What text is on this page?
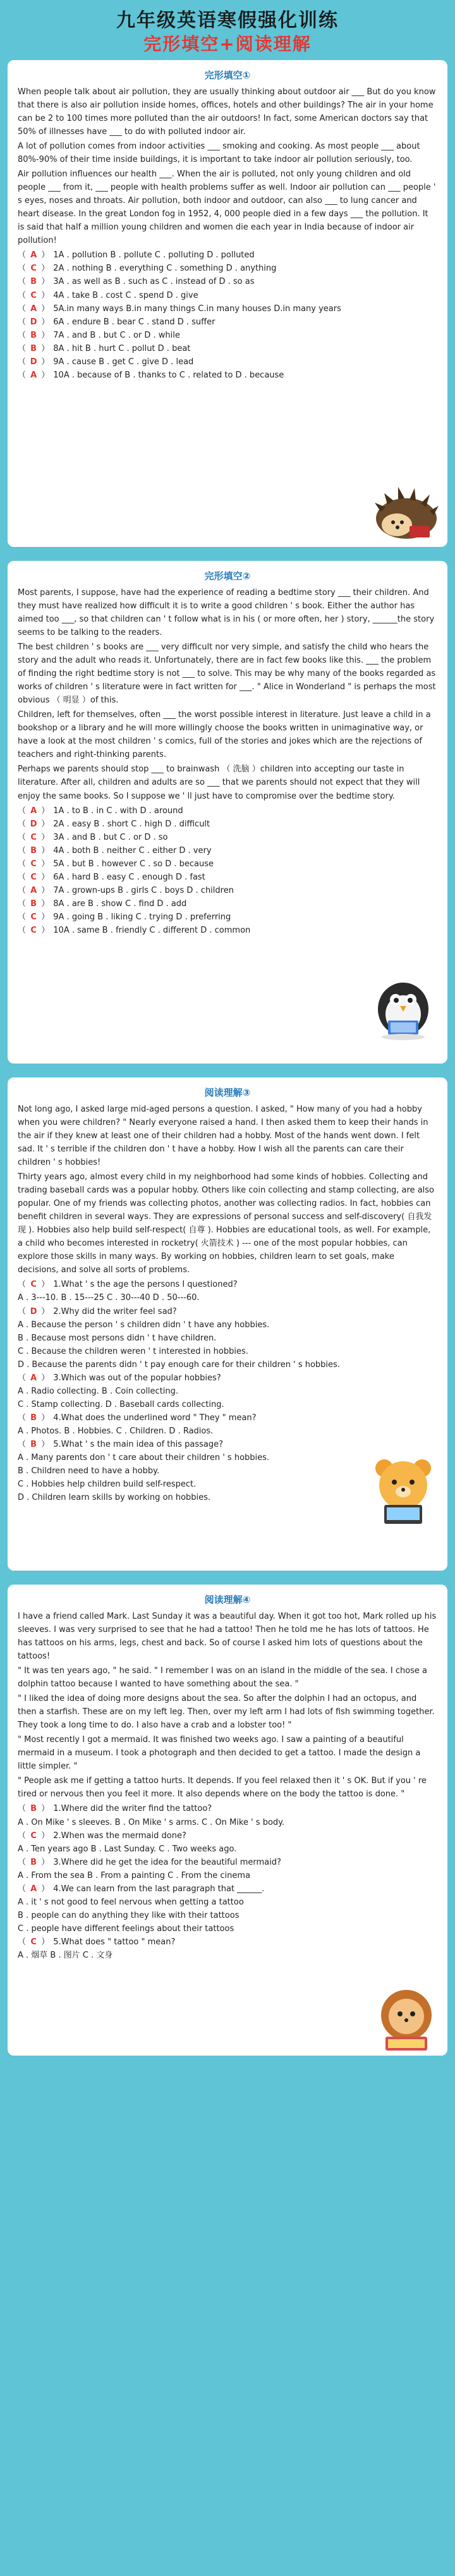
九年级英语寒假强化训练
完形填空+阅读理解
完形填空①

When people talk about air pollution, they are usually thinking about outdoor air ___ But do you know that there is also air pollution inside homes, offices, hotels and other buildings? The air in your home can be 2 to 100 times more polluted than the air outdoors! In fact, some American doctors say that 50% of illnesses have ___ to do with polluted indoor air.

A lot of pollution comes from indoor activities ___ smoking and cooking. As most people ___ about 80%-90% of their time inside buildings, it is important to take indoor air pollution seriously, too.

Air pollution influences our health ___. When the air is polluted, not only young children and old people ___ from it, ___ people with health problems suffer as well. Indoor air pollution can ___ people ' s eyes, noses and throats. Air pollution, both indoor and outdoor, can also ___ to lung cancer and heart disease. In the great London fog in 1952, 4, 000 people died in a few days ___ the pollution. It is said that half a million young children and women die each year in India because of indoor air pollution!

（ A ） 1A . pollution B . pollute C . polluting D . polluted
（ C ） 2A . nothing B . everything C . something D . anything
（ B ） 3A . as well as B . such as C . instead of D . so as
（ C ） 4A . take B . cost C . spend D . give
（ A ） 5A.in many ways B.in many things C.in many houses D.in many years
（ D ） 6A . endure B . bear C . stand D . suffer
（ B ） 7A . and B . but C . or D . while
（ B ） 8A . hit B . hurt C . pollut D . beat
（ D ） 9A . cause B . get C . give D . lead
（ A ） 10A . because of B . thanks to C . related to D . because
完形填空②

Most parents, I suppose, have had the experience of reading a bedtime story ___ their children. And they must have realized how difficult it is to write a good children ' s book. Either the author has aimed too ___, so that children can ' t follow what is in his ( or more often, her ) story, ______the story seems to be talking to the readers.

The best children ' s books are ___ very difficult nor very simple, and satisfy the child who hears the story and the adult who reads it. Unfortunately, there are in fact few books like this. ___ the problem of finding the right bedtime story is not ___ to solve. This may be why many of the books regarded as works of children ' s literature were in fact written for ___. " Alice in Wonderland " is perhaps the most obvious （ 明显 ）of this.

Children, left for themselves, often ___ the worst possible interest in literature. Just leave a child in a bookshop or a library and he will more willingly choose the books written in unimaginative way, or have a look at the most children ' s comics, full of the stories and jokes which are the rejections of teachers and right-thinking parents.

Perhaps we parents should stop ___ to brainwash （ 洗脑 ）children into accepting our taste in literature. After all, children and adults are so ___ that we parents should not expect that they will enjoy the same books. So I suppose we ' ll just have to compromise over the bedtime story.

（ A ） 1A . to B . in C . with D . around
（ D ） 2A . easy B . short C . high D . difficult
（ C ） 3A . and B . but C . or D . so
（ B ） 4A . both B . neither C . either D . very
（ C ） 5A . but B . however C . so D . because
（ C ） 6A . hard B . easy C . enough D . fast
（ A ） 7A . grown-ups B . girls C . boys D . children
（ B ） 8A . are B . show C . find D . add
（ C ） 9A . going B . liking C . trying D . preferring
（ C ） 10A . same B . friendly C . different D . common
阅读理解③

Not long ago, I asked large mid-aged persons a question. I asked, " How many of you had a hobby when you were children? " Nearly everyone raised a hand. I then asked them to keep their hands in the air if they knew at least one of their children had a hobby. Most of the hands went down. I felt sad. It ' s terrible if the children don ' t have a hobby. How I wish all the parents can care their children ' s hobbies!

Thirty years ago, almost every child in my neighborhood had some kinds of hobbies. Collecting and trading baseball cards was a popular hobby. Others like coin collecting and stamp collecting, are also popular. One of my friends was collecting photos, another was collecting radios. In fact, hobbies can benefit children in several ways. They are expressions of personal success and self-discovery( 自我发现 ). Hobbies also help build self-respect( 自尊 ). Hobbies are educational tools, as well. For example, a child who becomes interested in rocketry( 火箭技术 ) --- one of the most popular hobbies, can explore those skills in many ways. By working on hobbies, children learn to set goals, make decisions, and solve all sorts of problems.

（ C ） 1.What ' s the age the persons I questioned?
A . 3---10. B . 15---25 C . 30---40 D . 50---60.
（ D ） 2.Why did the writer feel sad?
A . Because the person ' s children didn ' t have any hobbies.
B . Because most persons didn ' t have children.
C . Because the children weren ' t interested in hobbies.
D . Because the parents didn ' t pay enough care for their children ' s hobbies.
（ A ） 3.Which was out of the popular hobbies?
A . Radio collecting. B . Coin collecting.
C . Stamp collecting. D . Baseball cards collecting.
（ B ） 4.What does the underlined word " They " mean?
A . Photos. B . Hobbies. C . Children. D . Radios.
（ B ） 5.What ' s the main idea of this passage?
A . Many parents don ' t care about their children ' s hobbies.
B . Children need to have a hobby.
C . Hobbies help children build self-respect.
D . Children learn skills by working on hobbies.
阅读理解④

I have a friend called Mark. Last Sunday it was a beautiful day. When it got too hot, Mark rolled up his sleeves. I was very surprised to see that he had a tattoo! Then he told me he has lots of tattoos. He has tattoos on his arms, legs, chest and back. So of course I asked him lots of questions about the tattoos!

" It was ten years ago, " he said. " I remember I was on an island in the middle of the sea. I chose a dolphin tattoo because I wanted to have something about the sea. "

" I liked the idea of doing more designs about the sea. So after the dolphin I had an octopus, and then a starfish. These are on my left leg. Then, over my left arm I had lots of fish swimming together. They took a long time to do. I also have a crab and a lobster too! "

" Most recently I got a mermaid. It was finished two weeks ago. I saw a painting of a beautiful mermaid in a museum. I took a photograph and then decided to get a tattoo. I made the design a little simpler. "

" People ask me if getting a tattoo hurts. It depends. If you feel relaxed then it ' s OK. But if you ' re tired or nervous then you feel it more. It also depends where on the body the tattoo is done. "

（ B ） 1.Where did the writer find the tattoo?
A . On Mike ' s sleeves. B . On Mike ' s arms. C . On Mike ' s body.
（ C ） 2.When was the mermaid done?
A . Ten years ago B . Last Sunday. C . Two weeks ago.
（ B ） 3.Where did he get the idea for the beautiful mermaid?
A . From the sea B . From a painting C . From the cinema
（ A ） 4.We can learn from the last paragraph that ______.
A . it ' s not good to feel nervous when getting a tattoo
B . people can do anything they like with their tattoos
C . people have different feelings about their tattoos
（ C ） 5.What does " tattoo " mean?
A . 烟草 B . 图片 C . 文身
